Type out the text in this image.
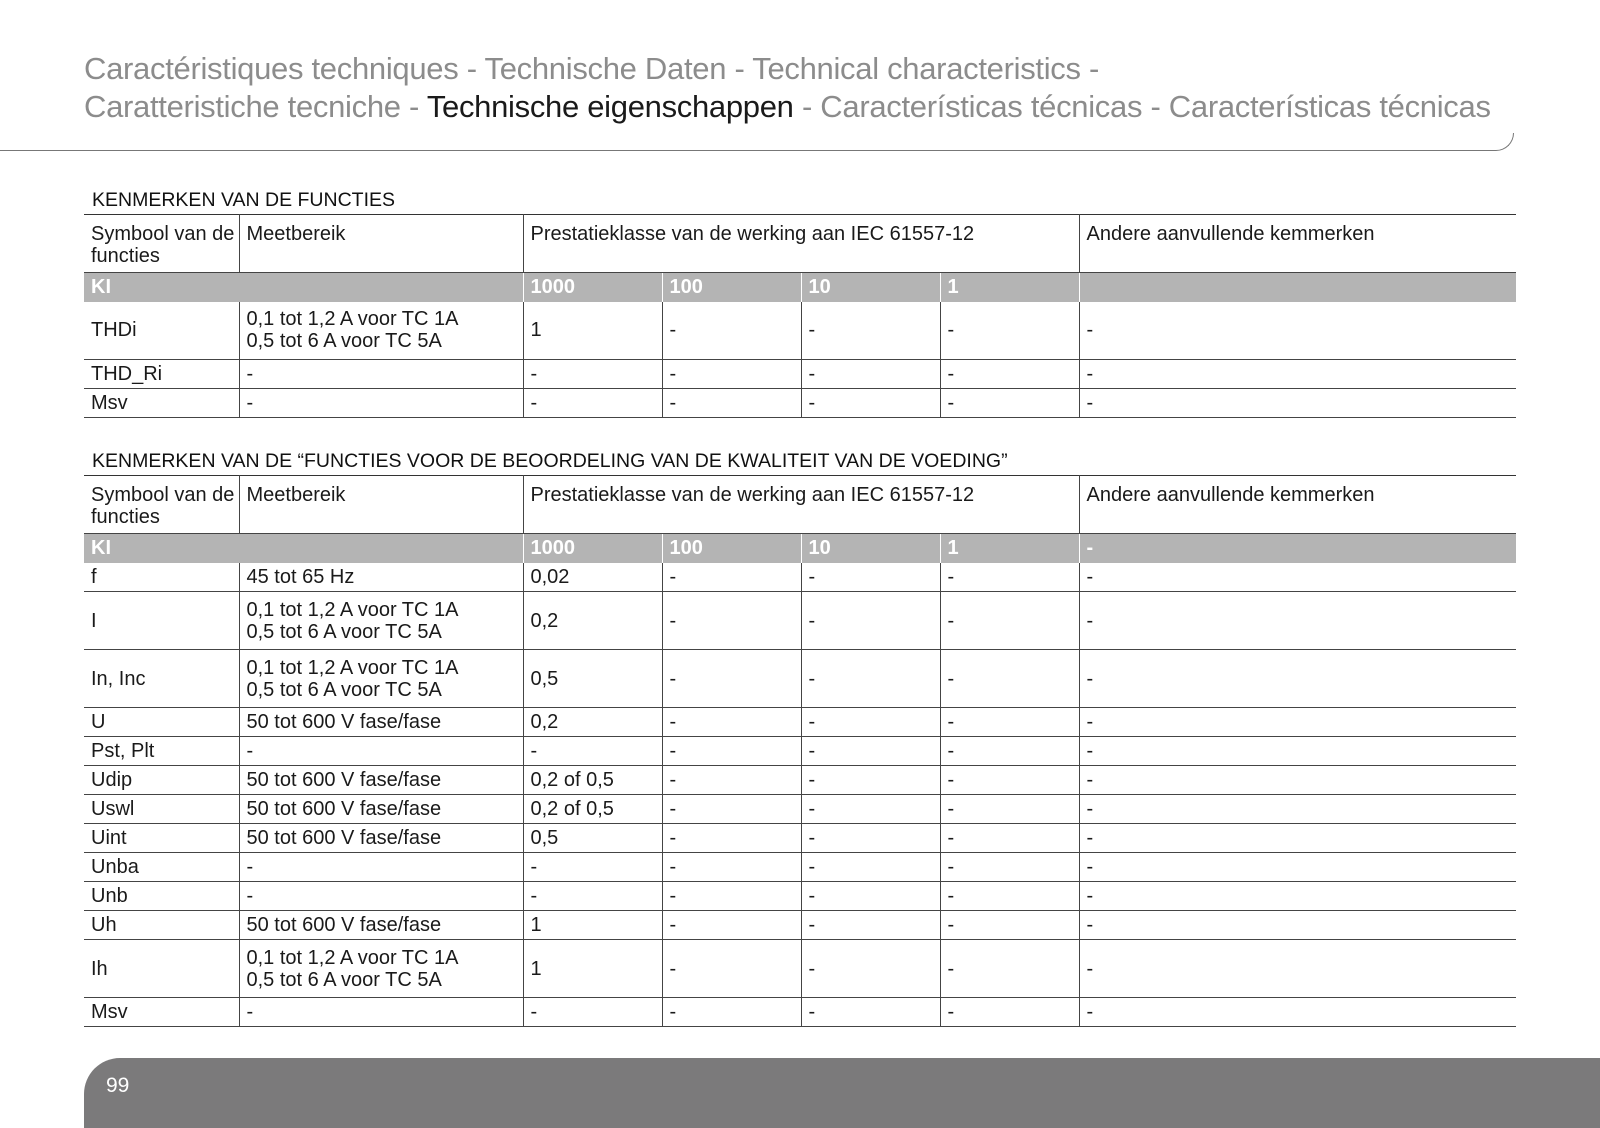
Caractéristiques techniques - Technische Daten - Technical characteristics -
Caratteristiche tecniche - Technische eigenschappen - Características técnicas - Características técnicas
KENMERKEN VAN DE FUNCTIES
Symbool van de functies	Meetbereik	Prestatieklasse van de werking aan IEC 61557-12				Andere aanvullende kemmerken
KI		1000	100	10	1	
THDi	0,1 tot 1,2 A voor TC 1A
0,5 tot 6 A voor TC 5A	1	-	-	-	-
THD_Ri	-	-	-	-	-	-
Msv	-	-	-	-	-	-
KENMERKEN VAN DE “FUNCTIES VOOR DE BEOORDELING VAN DE KWALITEIT VAN DE VOEDING”
Symbool van de functies	Meetbereik	Prestatieklasse van de werking aan IEC 61557-12				Andere aanvullende kemmerken
KI		1000	100	10	1	-
f	45 tot 65 Hz	0,02	-	-	-	-
I	0,1 tot 1,2 A voor TC 1A
0,5 tot 6 A voor TC 5A	0,2	-	-	-	-
In, Inc	0,1 tot 1,2 A voor TC 1A
0,5 tot 6 A voor TC 5A	0,5	-	-	-	-
U	50 tot 600 V fase/fase	0,2	-	-	-	-
Pst, Plt	-	-	-	-	-	-
Udip	50 tot 600 V fase/fase	0,2 of 0,5	-	-	-	-
Uswl	50 tot 600 V fase/fase	0,2 of 0,5	-	-	-	-
Uint	50 tot 600 V fase/fase	0,5	-	-	-	-
Unba	-	-	-	-	-	-
Unb	-	-	-	-	-	-
Uh	50 tot 600 V fase/fase	1	-	-	-	-
Ih	0,1 tot 1,2 A voor TC 1A
0,5 tot 6 A voor TC 5A	1	-	-	-	-
Msv	-	-	-	-	-	-
99
